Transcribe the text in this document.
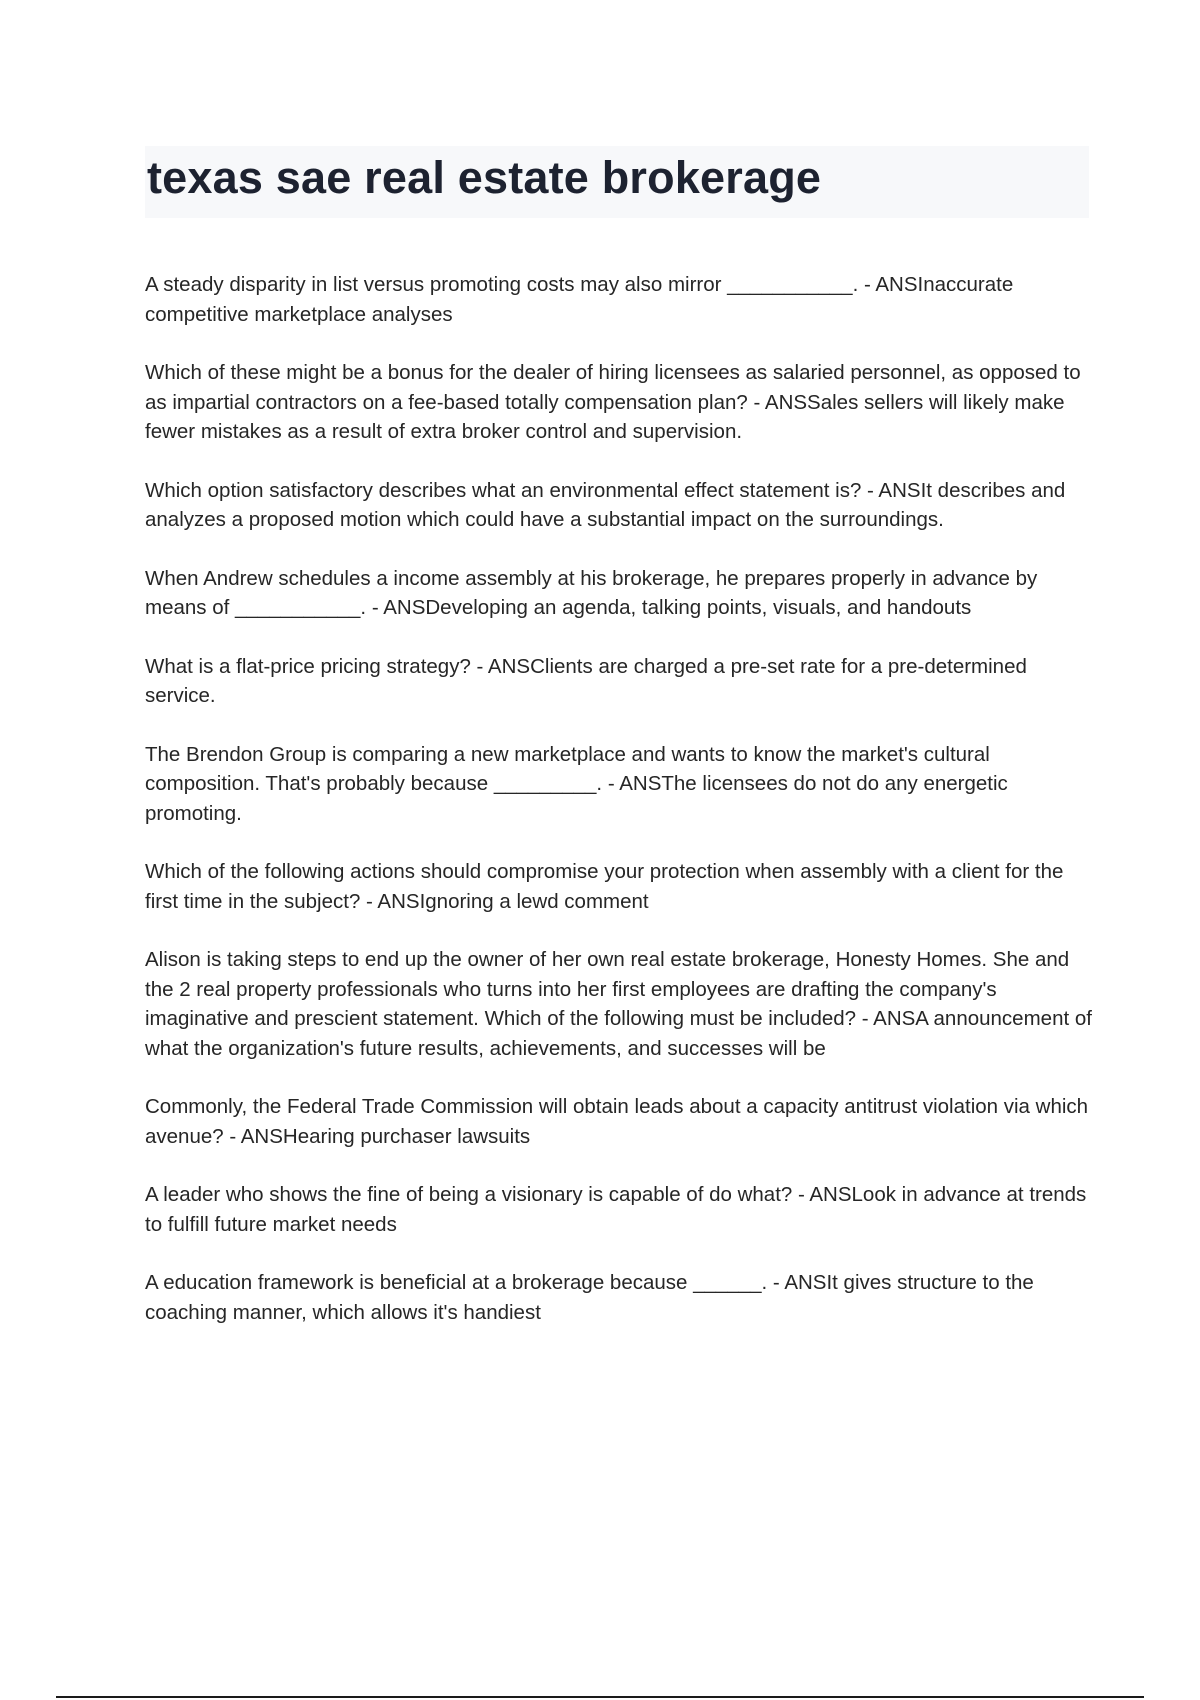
texas sae real estate brokerage

A steady disparity in list versus promoting costs may also mirror ___________. - ANSInaccurate competitive marketplace analyses

Which of these might be a bonus for the dealer of hiring licensees as salaried personnel, as opposed to as impartial contractors on a fee-based totally compensation plan? - ANSSales sellers will likely make fewer mistakes as a result of extra broker control and supervision.

Which option satisfactory describes what an environmental effect statement is? - ANSIt describes and analyzes a proposed motion which could have a substantial impact on the surroundings.

When Andrew schedules a income assembly at his brokerage, he prepares properly in advance by means of ___________. - ANSDeveloping an agenda, talking points, visuals, and handouts

What is a flat-price pricing strategy? - ANSClients are charged a pre-set rate for a pre-determined service.

The Brendon Group is comparing a new marketplace and wants to know the market's cultural composition. That's probably because _________. - ANSThe licensees do not do any energetic promoting.

Which of the following actions should compromise your protection when assembly with a client for the first time in the subject? - ANSIgnoring a lewd comment

Alison is taking steps to end up the owner of her own real estate brokerage, Honesty Homes. She and the 2 real property professionals who turns into her first employees are drafting the company's imaginative and prescient statement. Which of the following must be included? - ANSA announcement of what the organization's future results, achievements, and successes will be

Commonly, the Federal Trade Commission will obtain leads about a capacity antitrust violation via which avenue? - ANSHearing purchaser lawsuits

A leader who shows the fine of being a visionary is capable of do what? - ANSLook in advance at trends to fulfill future market needs

A education framework is beneficial at a brokerage because ______. - ANSIt gives structure to the coaching manner, which allows it's handiest
